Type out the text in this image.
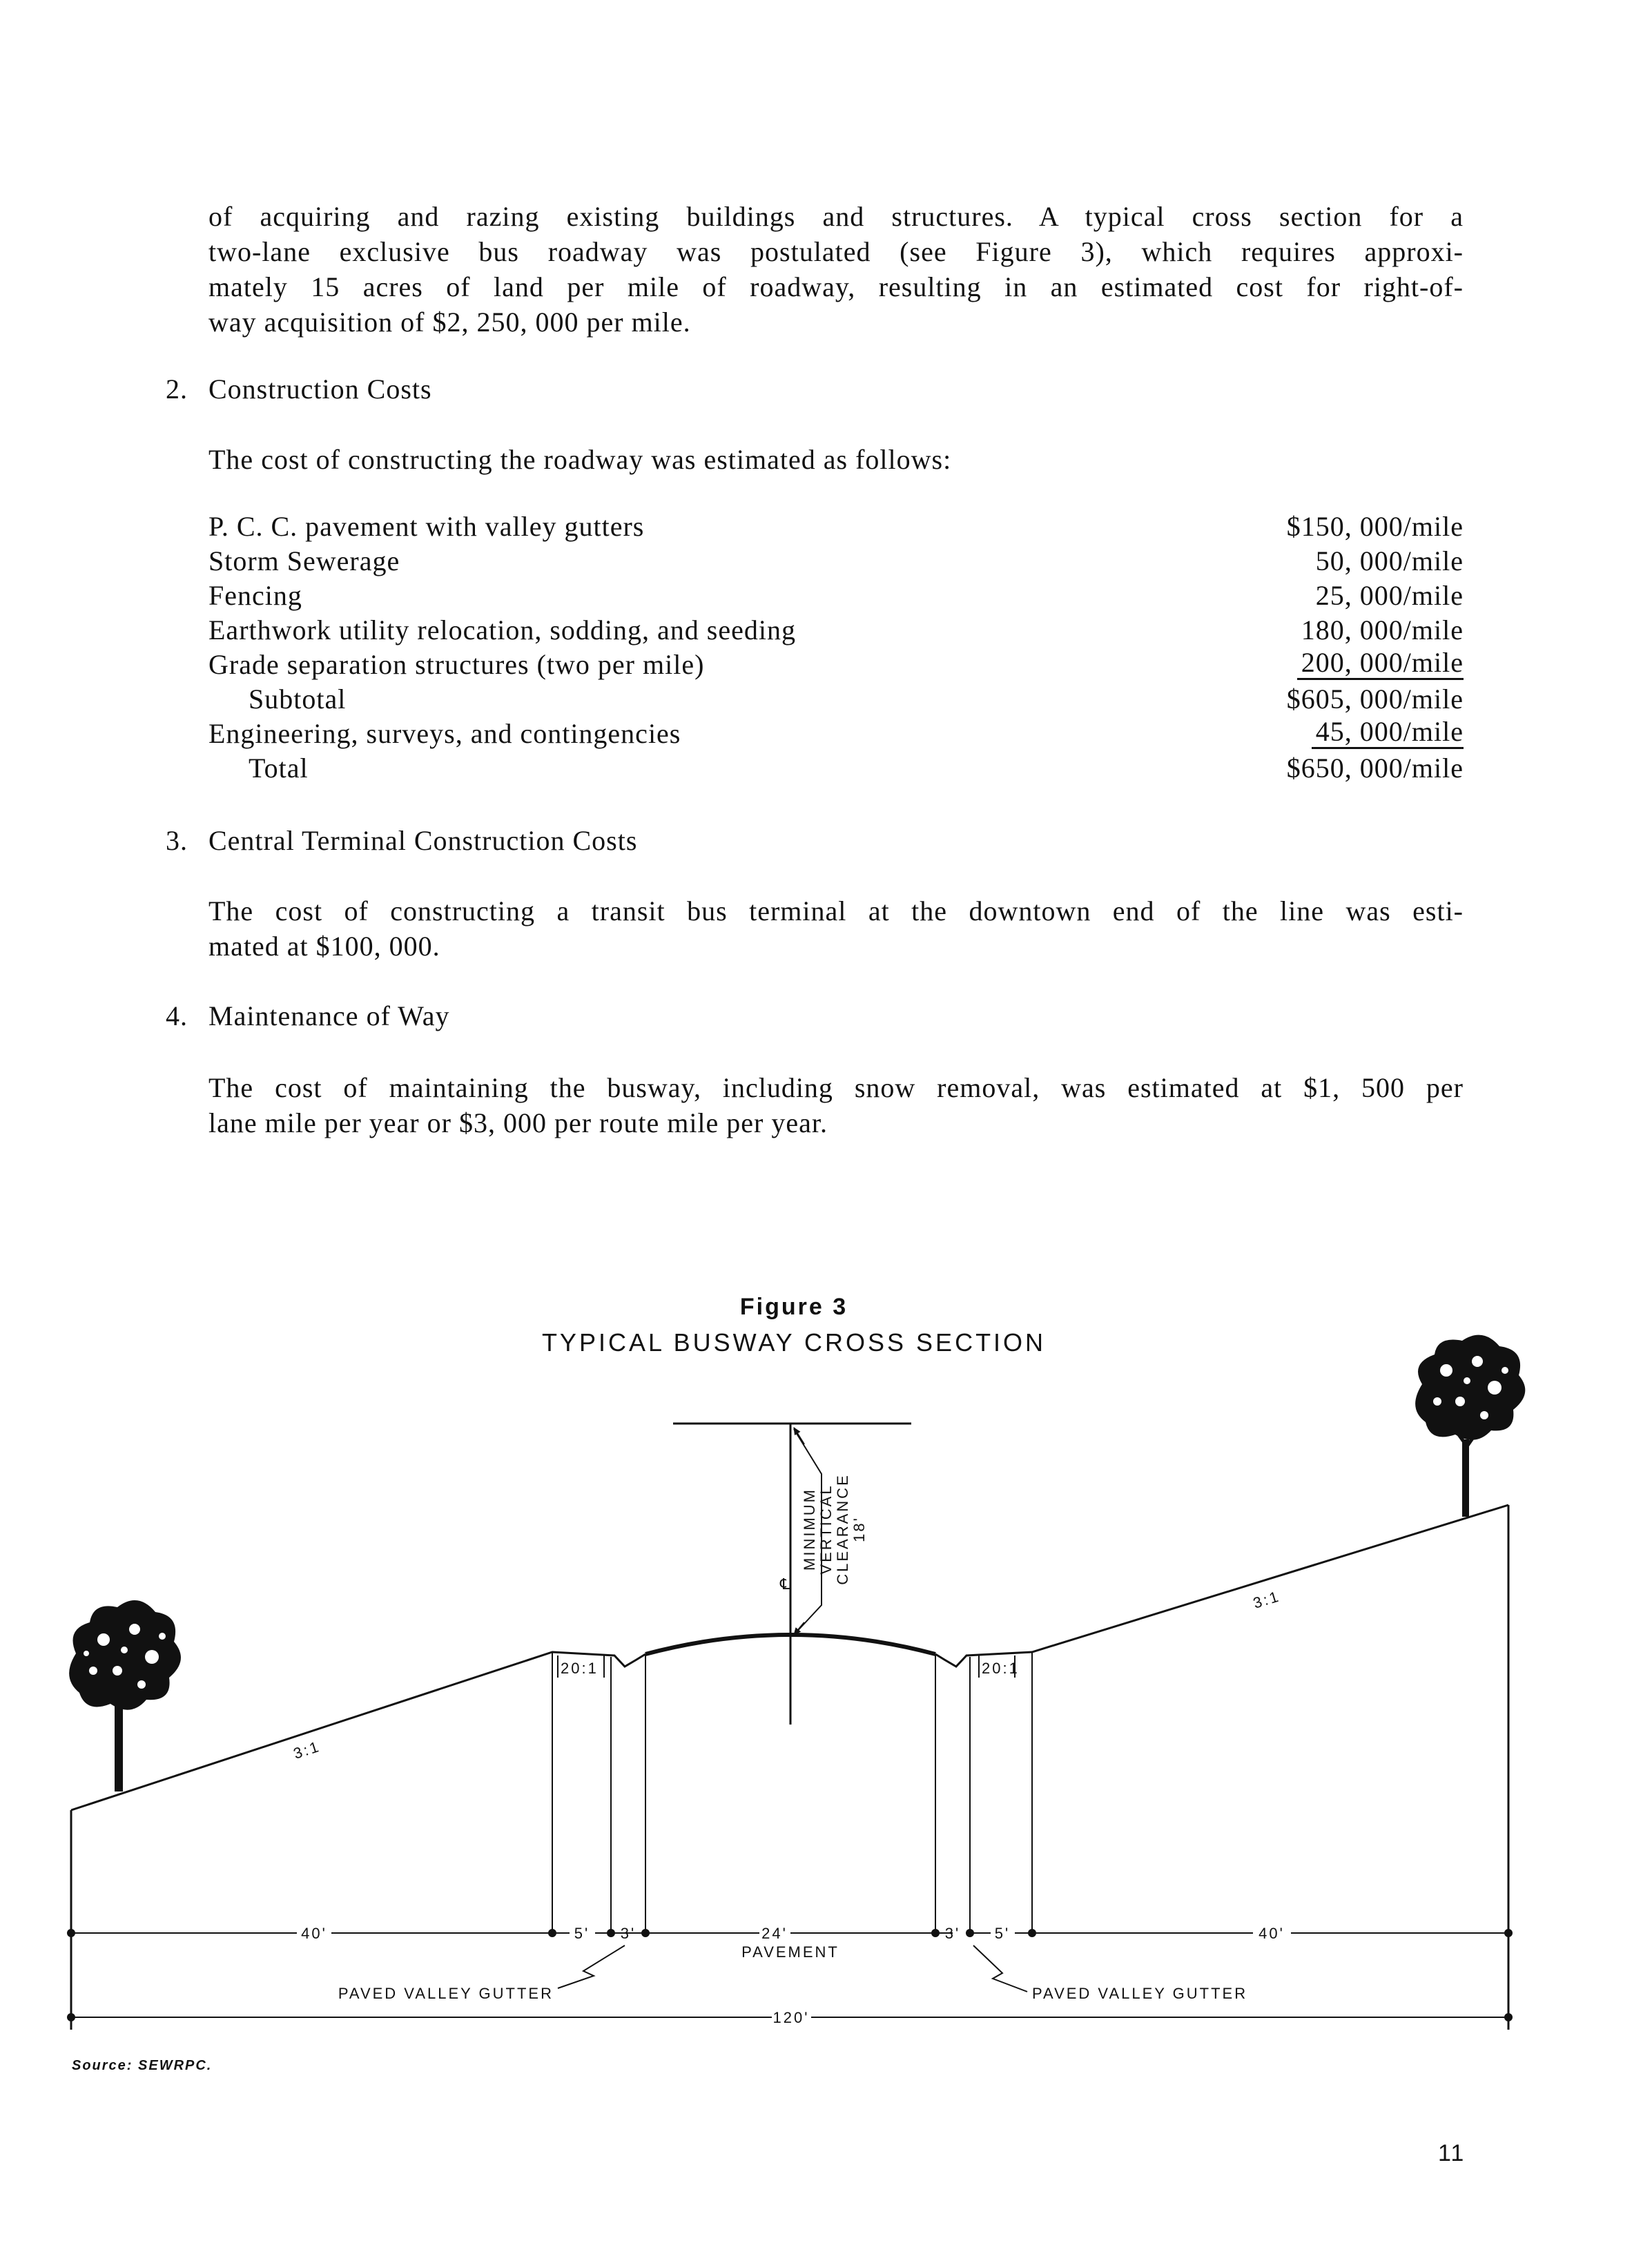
of acquiring and razing existing buildings and structures. A typical cross section for a
two-lane exclusive bus roadway was postulated (see Figure 3), which requires approxi-
mately 15 acres of land per mile of roadway, resulting in an estimated cost for right-of-
way acquisition of $2, 250, 000 per mile.
2. Construction Costs
The cost of constructing the roadway was estimated as follows:
P. C. C. pavement with valley gutters	$150, 000/mile
Storm Sewerage	50, 000/mile
Fencing	25, 000/mile
Earthwork utility relocation, sodding, and seeding	180, 000/mile
Grade separation structures (two per mile)	200, 000/mile
Subtotal	$605, 000/mile
Engineering, surveys, and contingencies	45, 000/mile
Total	$650, 000/mile
3. Central Terminal Construction Costs
The cost of constructing a transit bus terminal at the downtown end of the line was esti-
mated at $100, 000.
4. Maintenance of Way
The cost of maintaining the busway, including snow removal, was estimated at $1, 500 per
lane mile per year or $3, 000 per route mile per year.
Figure 3
TYPICAL BUSWAY CROSS SECTION
℄
MINIMUM VERTICAL CLEARANCE 18'
3:1
3:1
20:1	20:1
40'	5' 3'	24'
PAVEMENT
3' 5'	40'
PAVED VALLEY GUTTER	PAVED VALLEY GUTTER
120'
Source: SEWRPC.
11
